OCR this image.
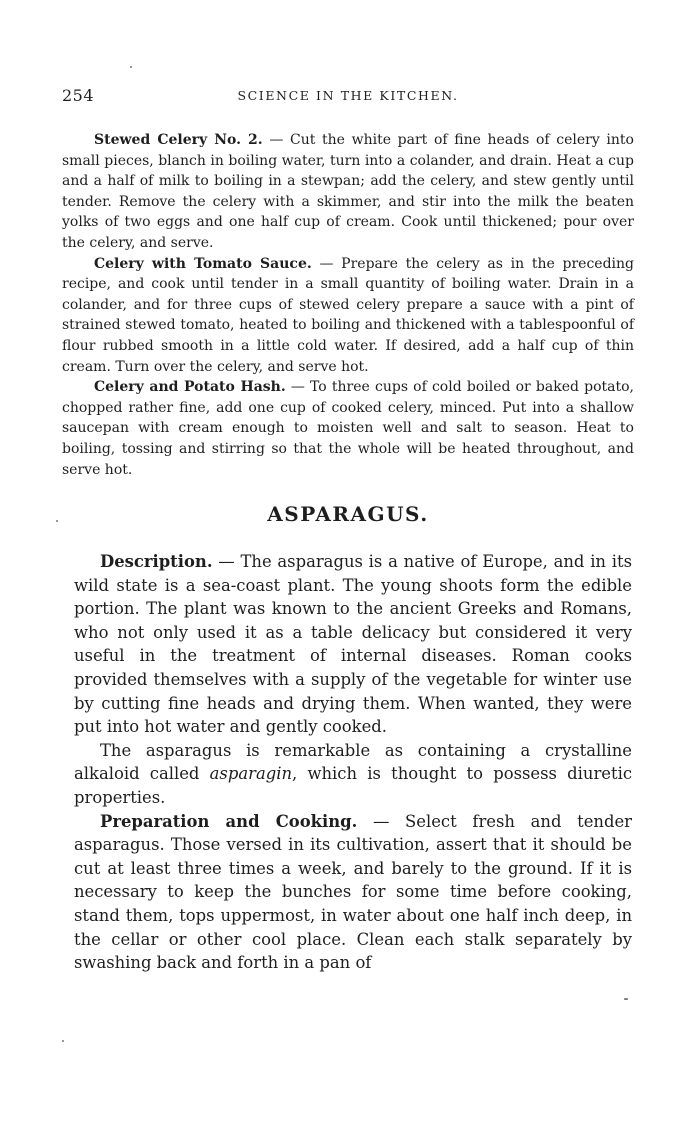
254	SCIENCE IN THE KITCHEN.

Stewed Celery No. 2. — Cut the white part of fine heads of celery into small pieces, blanch in boiling water, turn into a colander, and drain. Heat a cup and a half of milk to boiling in a stewpan; add the celery, and stew gently until tender. Remove the celery with a skimmer, and stir into the milk the beaten yolks of two eggs and one half cup of cream. Cook until thickened; pour over the celery, and serve.

Celery with Tomato Sauce. — Prepare the celery as in the preceding recipe, and cook until tender in a small quantity of boiling water. Drain in a colander, and for three cups of stewed celery prepare a sauce with a pint of strained stewed tomato, heated to boiling and thickened with a tablespoonful of flour rubbed smooth in a little cold water. If desired, add a half cup of thin cream. Turn over the celery, and serve hot.

Celery and Potato Hash. — To three cups of cold boiled or baked potato, chopped rather fine, add one cup of cooked celery, minced. Put into a shallow saucepan with cream enough to moisten well and salt to season. Heat to boiling, tossing and stirring so that the whole will be heated throughout, and serve hot.

ASPARAGUS.

Description. — The asparagus is a native of Europe, and in its wild state is a sea-coast plant. The young shoots form the edible portion. The plant was known to the ancient Greeks and Romans, who not only used it as a table delicacy but considered it very useful in the treatment of internal diseases. Roman cooks provided themselves with a supply of the vegetable for winter use by cutting fine heads and drying them. When wanted, they were put into hot water and gently cooked.

The asparagus is remarkable as containing a crystalline alkaloid called asparagin, which is thought to possess diuretic properties.

Preparation and Cooking. — Select fresh and tender asparagus. Those versed in its cultivation, assert that it should be cut at least three times a week, and barely to the ground. If it is necessary to keep the bunches for some time before cooking, stand them, tops uppermost, in water about one half inch deep, in the cellar or other cool place. Clean each stalk separately by swashing back and forth in a pan of
